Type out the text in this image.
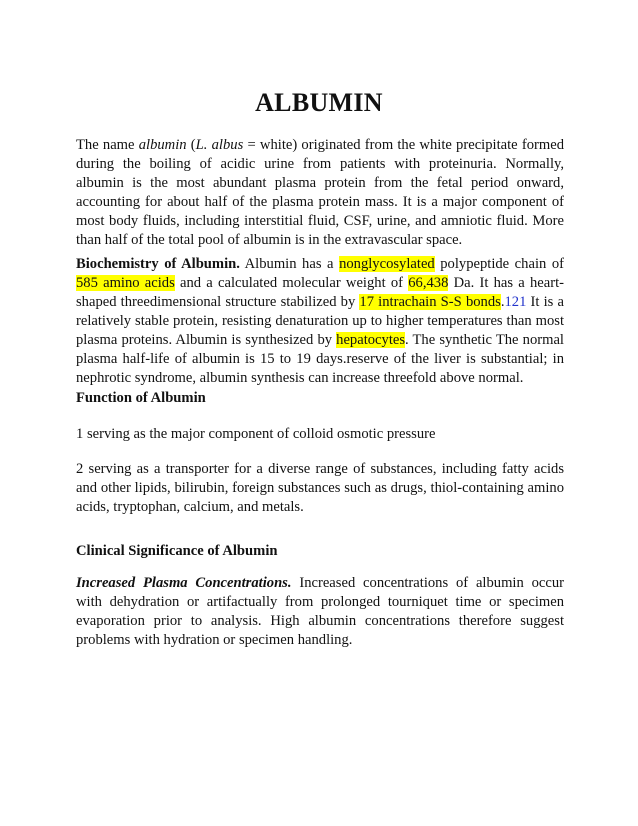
ALBUMIN

The name albumin (L. albus = white) originated from the white precipitate formed during the boiling of acidic urine from patients with proteinuria. Normally, albumin is the most abundant plasma protein from the fetal period onward, accounting for about half of the plasma protein mass. It is a major component of most body fluids, including interstitial fluid, CSF, urine, and amniotic fluid. More than half of the total pool of albumin is in the extravascular space.

Biochemistry of Albumin. Albumin has a nonglycosylated polypeptide chain of 585 amino acids and a calculated molecular weight of 66,438 Da. It has a heart-shaped threedimensional structure stabilized by 17 intrachain S-S bonds.121 It is a relatively stable protein, resisting denaturation up to higher temperatures than most plasma proteins. Albumin is synthesized by hepatocytes. The synthetic The normal plasma half-life of albumin is 15 to 19 days.reserve of the liver is substantial; in nephrotic syndrome, albumin synthesis can increase threefold above normal.

Function of Albumin
1 serving as the major component of colloid osmotic pressure
2 serving as a transporter for a diverse range of substances, including fatty acids and other lipids, bilirubin, foreign substances such as drugs, thiol-containing amino acids, tryptophan, calcium, and metals.
Clinical Significance of Albumin

Increased Plasma Concentrations. Increased concentrations of albumin occur with dehydration or artifactually from prolonged tourniquet time or specimen evaporation prior to analysis. High albumin concentrations therefore suggest problems with hydration or specimen handling.
